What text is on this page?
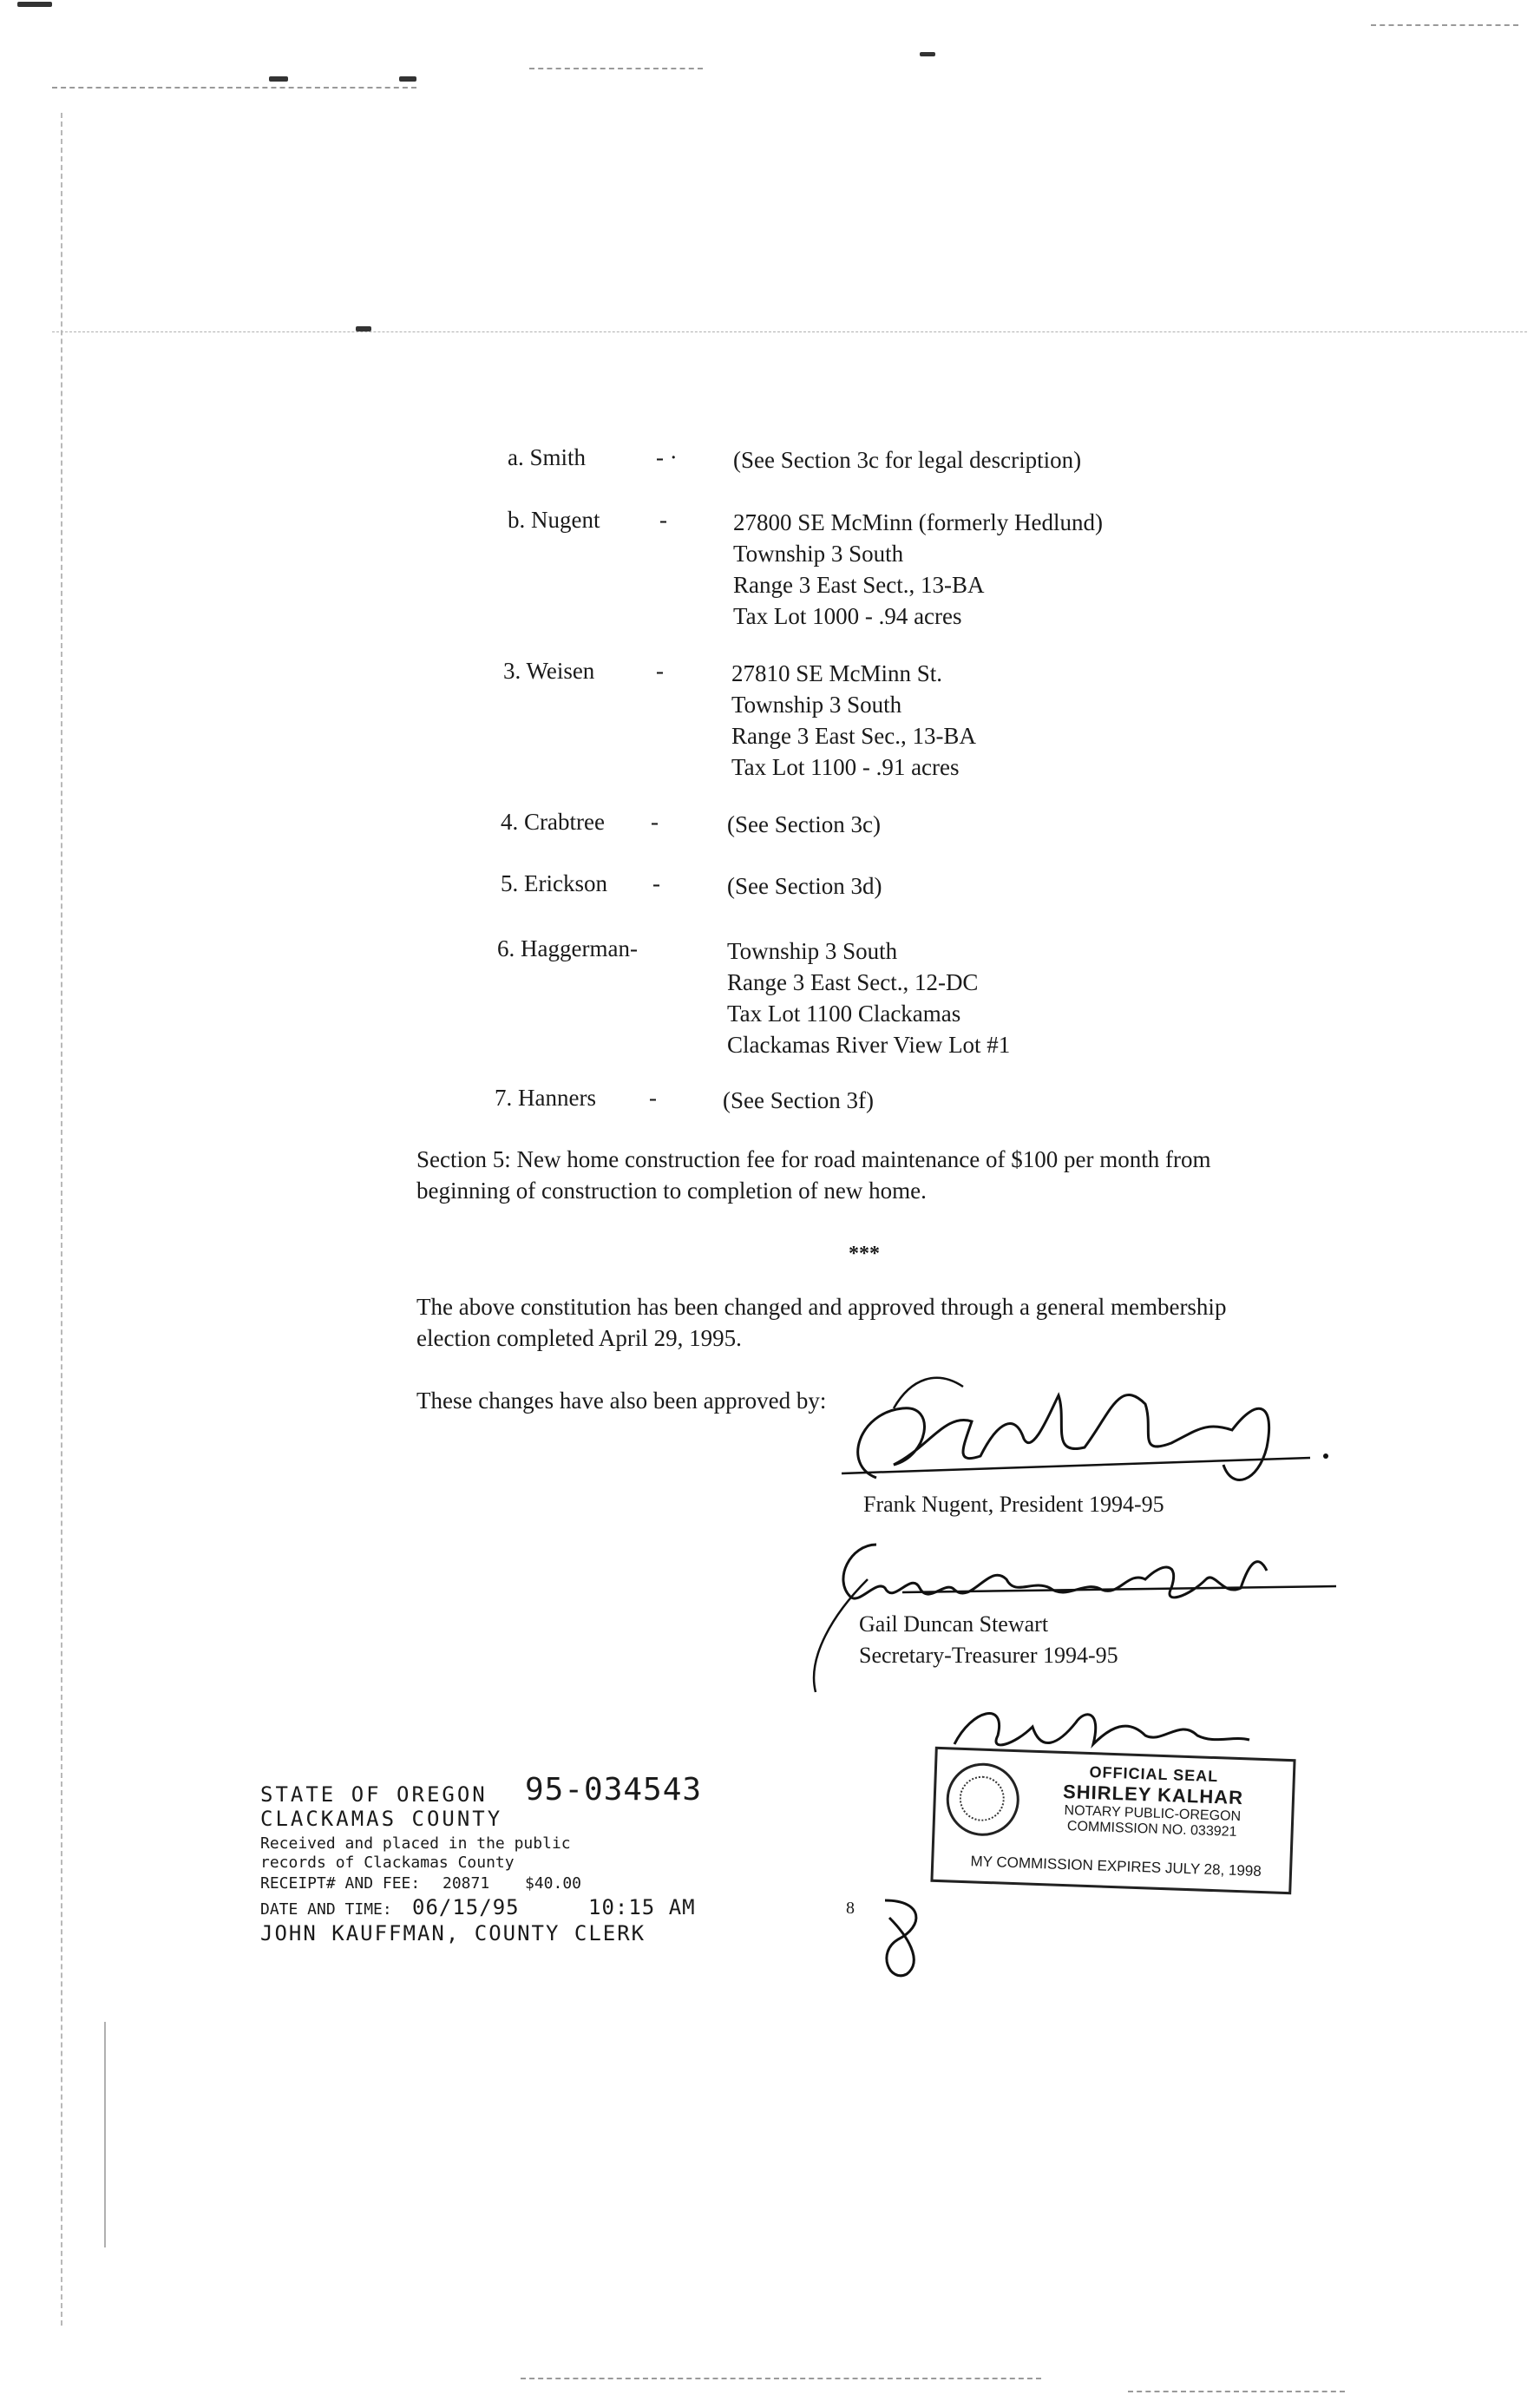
a. Smith	- · (See Section 3c for legal description)
b. Nugent	-	27800 SE McMinn (formerly Hedlund)
Township 3 South
Range 3 East Sect., 13-BA
Tax Lot 1000 - .94 acres
3. Weisen	-	27810 SE McMinn St.
Township 3 South
Range 3 East Sec., 13-BA
Tax Lot 1100 - .91 acres
4. Crabtree -	(See Section 3c)
5. Erickson -	(See Section 3d)
6. Haggerman-	Township 3 South
Range 3 East Sect., 12-DC
Tax Lot 1100 Clackamas
Clackamas River View Lot #1
7. Hanners -	(See Section 3f)
Section 5: New home construction fee for road maintenance of $100 per month from beginning of construction to completion of new home.
***
The above constitution has been changed and approved through a general membership election completed April 29, 1995.
These changes have also been approved by:
Frank Nugent, President 1994-95
Gail Duncan Stewart
Secretary-Treasurer 1994-95
OFFICIAL SEAL
SHIRLEY KALHAR
NOTARY PUBLIC-OREGON
COMMISSION NO. 033921
MY COMMISSION EXPIRES JULY 28, 1998
STATE OF OREGON 95-034543
CLACKAMAS COUNTY
Received and placed in the public
records of Clackamas County
RECEIPT# AND FEE: 20871 $40.00
DATE AND TIME: 06/15/95	10:15 AM
JOHN KAUFFMAN, COUNTY CLERK
8
